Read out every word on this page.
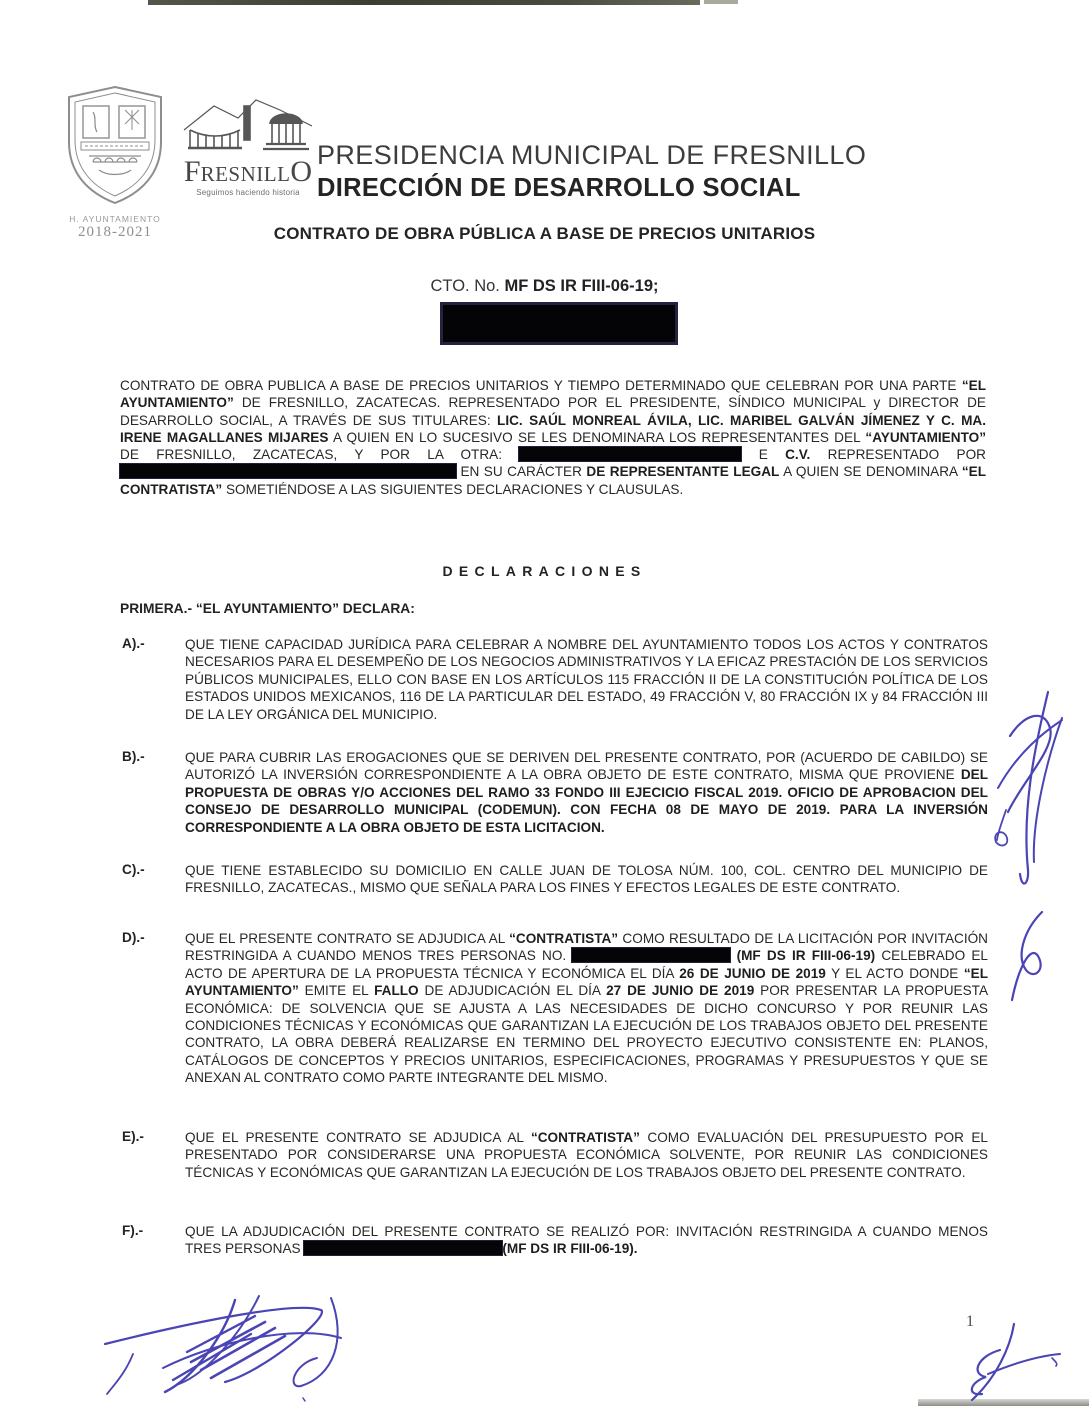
H. AYUNTAMIENTO
2018-2021
FRESNILLO
Seguimos haciendo historia
PRESIDENCIA MUNICIPAL DE FRESNILLO
DIRECCIÓN DE DESARROLLO SOCIAL
CONTRATO DE OBRA PÚBLICA A BASE DE PRECIOS UNITARIOS
CTO. No. MF DS IR FIII-06-19;
CONTRATO DE OBRA PUBLICA A BASE DE PRECIOS UNITARIOS Y TIEMPO DETERMINADO QUE CELEBRAN POR UNA PARTE “EL AYUNTAMIENTO” DE FRESNILLO, ZACATECAS. REPRESENTADO POR EL PRESIDENTE, SÍNDICO MUNICIPAL y DIRECTOR DE DESARROLLO SOCIAL, A TRAVÉS DE SUS TITULARES: LIC. SAÚL MONREAL ÁVILA, LIC. MARIBEL GALVÁN JÍMENEZ Y C. MA. IRENE MAGALLANES MIJARES A QUIEN EN LO SUCESIVO SE LES DENOMINARA LOS REPRESENTANTES DEL “AYUNTAMIENTO” DE FRESNILLO, ZACATECAS, Y POR LA OTRA:	E C.V. REPRESENTADO POR  EN SU CARÁCTER DE REPRESENTANTE LEGAL A QUIEN SE DENOMINARA “EL CONTRATISTA” SOMETIÉNDOSE A LAS SIGUIENTES DECLARACIONES Y CLAUSULAS.
DECLARACIONES
PRIMERA.- “EL AYUNTAMIENTO” DECLARA:
A).-	QUE TIENE CAPACIDAD JURÍDICA PARA CELEBRAR A NOMBRE DEL AYUNTAMIENTO TODOS LOS ACTOS Y CONTRATOS NECESARIOS PARA EL DESEMPEÑO DE LOS NEGOCIOS ADMINISTRATIVOS Y LA EFICAZ PRESTACIÓN DE LOS SERVICIOS PÚBLICOS MUNICIPALES, ELLO CON BASE EN LOS ARTÍCULOS 115 FRACCIÓN II DE LA CONSTITUCIÓN POLÍTICA DE LOS ESTADOS UNIDOS MEXICANOS, 116 DE LA PARTICULAR DEL ESTADO, 49 FRACCIÓN V, 80 FRACCIÓN IX y 84 FRACCIÓN III DE LA LEY ORGÁNICA DEL MUNICIPIO.
B).-	QUE PARA CUBRIR LAS EROGACIONES QUE SE DERIVEN DEL PRESENTE CONTRATO, POR (ACUERDO DE CABILDO) SE AUTORIZÓ LA INVERSIÓN CORRESPONDIENTE A LA OBRA OBJETO DE ESTE CONTRATO, MISMA QUE PROVIENE DEL PROPUESTA DE OBRAS Y/O ACCIONES DEL RAMO 33 FONDO III EJECICIO FISCAL 2019. OFICIO DE APROBACION DEL CONSEJO DE DESARROLLO MUNICIPAL (CODEMUN). CON FECHA 08 DE MAYO DE 2019. PARA LA INVERSIÓN CORRESPONDIENTE A LA OBRA OBJETO DE ESTA LICITACION.
C).-	QUE TIENE ESTABLECIDO SU DOMICILIO EN CALLE JUAN DE TOLOSA NÚM. 100, COL. CENTRO DEL MUNICIPIO DE FRESNILLO, ZACATECAS., MISMO QUE SEÑALA PARA LOS FINES Y EFECTOS LEGALES DE ESTE CONTRATO.
D).-	QUE EL PRESENTE CONTRATO SE ADJUDICA AL “CONTRATISTA” COMO RESULTADO DE LA LICITACIÓN POR INVITACIÓN RESTRINGIDA A CUANDO MENOS TRES PERSONAS NO.	(MF DS IR FIII-06-19) CELEBRADO EL ACTO DE APERTURA DE LA PROPUESTA TÉCNICA Y ECONÓMICA EL DÍA 26 DE JUNIO DE 2019 Y EL ACTO DONDE “EL AYUNTAMIENTO” EMITE EL FALLO DE ADJUDICACIÓN EL DÍA 27 DE JUNIO DE 2019 POR PRESENTAR LA PROPUESTA ECONÓMICA: DE SOLVENCIA QUE SE AJUSTA A LAS NECESIDADES DE DICHO CONCURSO Y POR REUNIR LAS CONDICIONES TÉCNICAS Y ECONÓMICAS QUE GARANTIZAN LA EJECUCIÓN DE LOS TRABAJOS OBJETO DEL PRESENTE CONTRATO, LA OBRA DEBERÁ REALIZARSE EN TERMINO DEL PROYECTO EJECUTIVO CONSISTENTE EN: PLANOS, CATÁLOGOS DE CONCEPTOS Y PRECIOS UNITARIOS, ESPECIFICACIONES, PROGRAMAS Y PRESUPUESTOS Y QUE SE ANEXAN AL CONTRATO COMO PARTE INTEGRANTE DEL MISMO.
E).-	QUE EL PRESENTE CONTRATO SE ADJUDICA AL “CONTRATISTA” COMO EVALUACIÓN DEL PRESUPUESTO POR EL PRESENTADO POR CONSIDERARSE UNA PROPUESTA ECONÓMICA SOLVENTE, POR REUNIR LAS CONDICIONES TÉCNICAS Y ECONÓMICAS QUE GARANTIZAN LA EJECUCIÓN DE LOS TRABAJOS OBJETO DEL PRESENTE CONTRATO.
F).-	QUE LA ADJUDICACIÓN DEL PRESENTE CONTRATO SE REALIZÓ POR: INVITACIÓN RESTRINGIDA A CUANDO MENOS TRES PERSONAS	(MF DS IR FIII-06-19).
1
